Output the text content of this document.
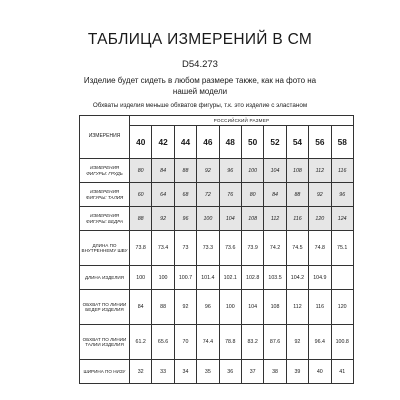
ТАБЛИЦА ИЗМЕРЕНИЙ В СМ
D54.273
Изделие будет сидеть в любом размере также, как на фото на
нашей модели
Обхваты изделия меньше обхватов фигуры, т.к. это изделие с эластаном
ИЗМЕРЕНИЯ	РОССИЙСКИЙ РАЗМЕР									
	40	42	44	46	48	50	52	54	56	58
ИЗМЕРЕНИЯ ФИГУРЫ: ГРУДЬ	80	84	88	92	96	100	104	108	112	116
ИЗМЕРЕНИЯ ФИГУРЫ: ТАЛИЯ	60	64	68	72	76	80	84	88	92	96
ИЗМЕРЕНИЯ ФИГУРЫ: БЕДРА	88	92	96	100	104	108	112	116	120	124
ДЛИНА ПО ВНУТРЕННЕМУ ШВУ	73.8	73.4	73	73.3	73.6	73.9	74.2	74.5	74.8	75.1
ДЛИНА ИЗДЕЛИЯ	100	100	100.7	101.4	102.1	102.8	103.5	104.2	104.9	
ОБХВАТ ПО ЛИНИИ БЕДЕР ИЗДЕЛИЯ	84	88	92	96	100	104	108	112	116	120
ОБХВАТ ПО ЛИНИИ ТАЛИИ ИЗДЕЛИЯ	61.2	65.6	70	74.4	78.8	83.2	87.6	92	96.4	100.8
ШИРИНА ПО НИЗУ	32	33	34	35	36	37	38	39	40	41
